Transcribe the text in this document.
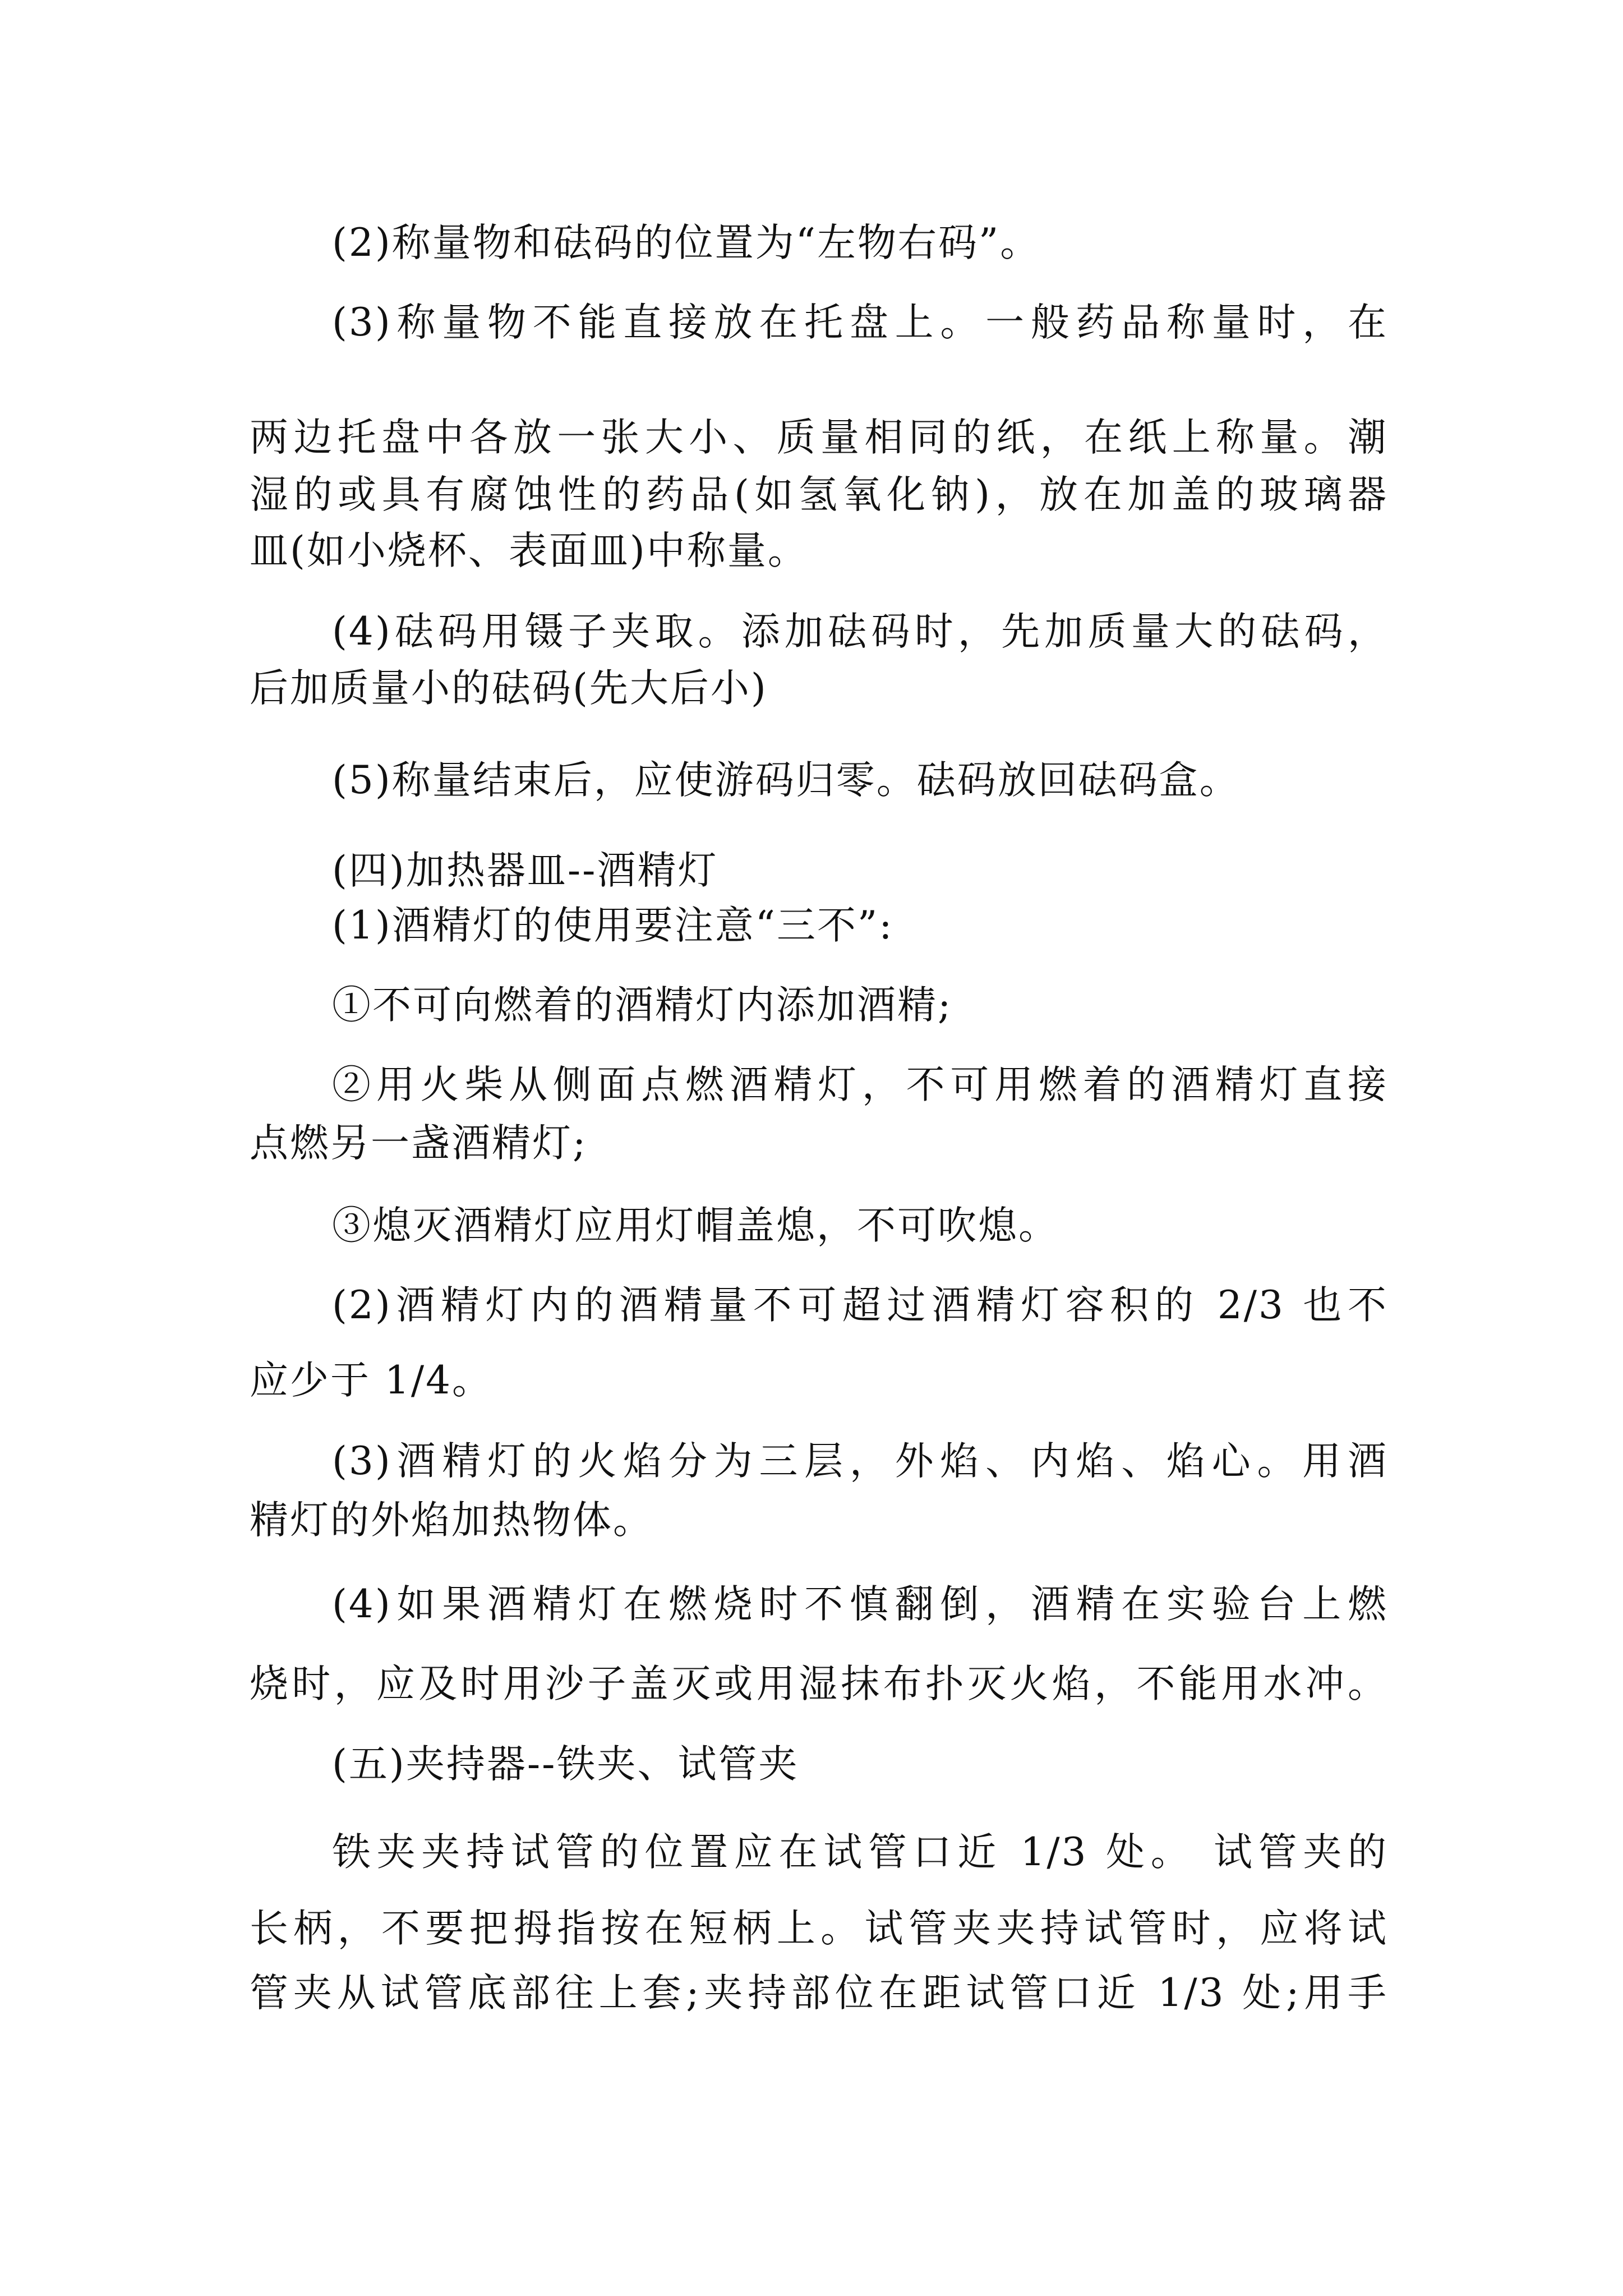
(2)称量物和砝码的位置为“左物右码”。
(3)称量物不能直接放在托盘上。一般药品称量时，在
两边托盘中各放一张大小、质量相同的纸，在纸上称量。潮
湿的或具有腐蚀性的药品(如氢氧化钠)，放在加盖的玻璃器
皿(如小烧杯、表面皿)中称量。
(4)砝码用镊子夹取。添加砝码时，先加质量大的砝码，
后加质量小的砝码(先大后小)
(5)称量结束后，应使游码归零。砝码放回砝码盒。
(四)加热器皿--酒精灯
(1)酒精灯的使用要注意“三不”:
①不可向燃着的酒精灯内添加酒精;
②用火柴从侧面点燃酒精灯，不可用燃着的酒精灯直接
点燃另一盏酒精灯;
③熄灭酒精灯应用灯帽盖熄，不可吹熄。
(2)酒精灯内的酒精量不可超过酒精灯容积的 2/3 也不
应少于 1/4。
(3)酒精灯的火焰分为三层，外焰、内焰、焰心。用酒
精灯的外焰加热物体。
(4)如果酒精灯在燃烧时不慎翻倒，酒精在实验台上燃
烧时，应及时用沙子盖灭或用湿抹布扑灭火焰，不能用水冲。
(五)夹持器--铁夹、试管夹
铁夹夹持试管的位置应在试管口近 1/3 处。 试管夹的
长柄，不要把拇指按在短柄上。试管夹夹持试管时，应将试
管夹从试管底部往上套;夹持部位在距试管口近 1/3 处;用手
